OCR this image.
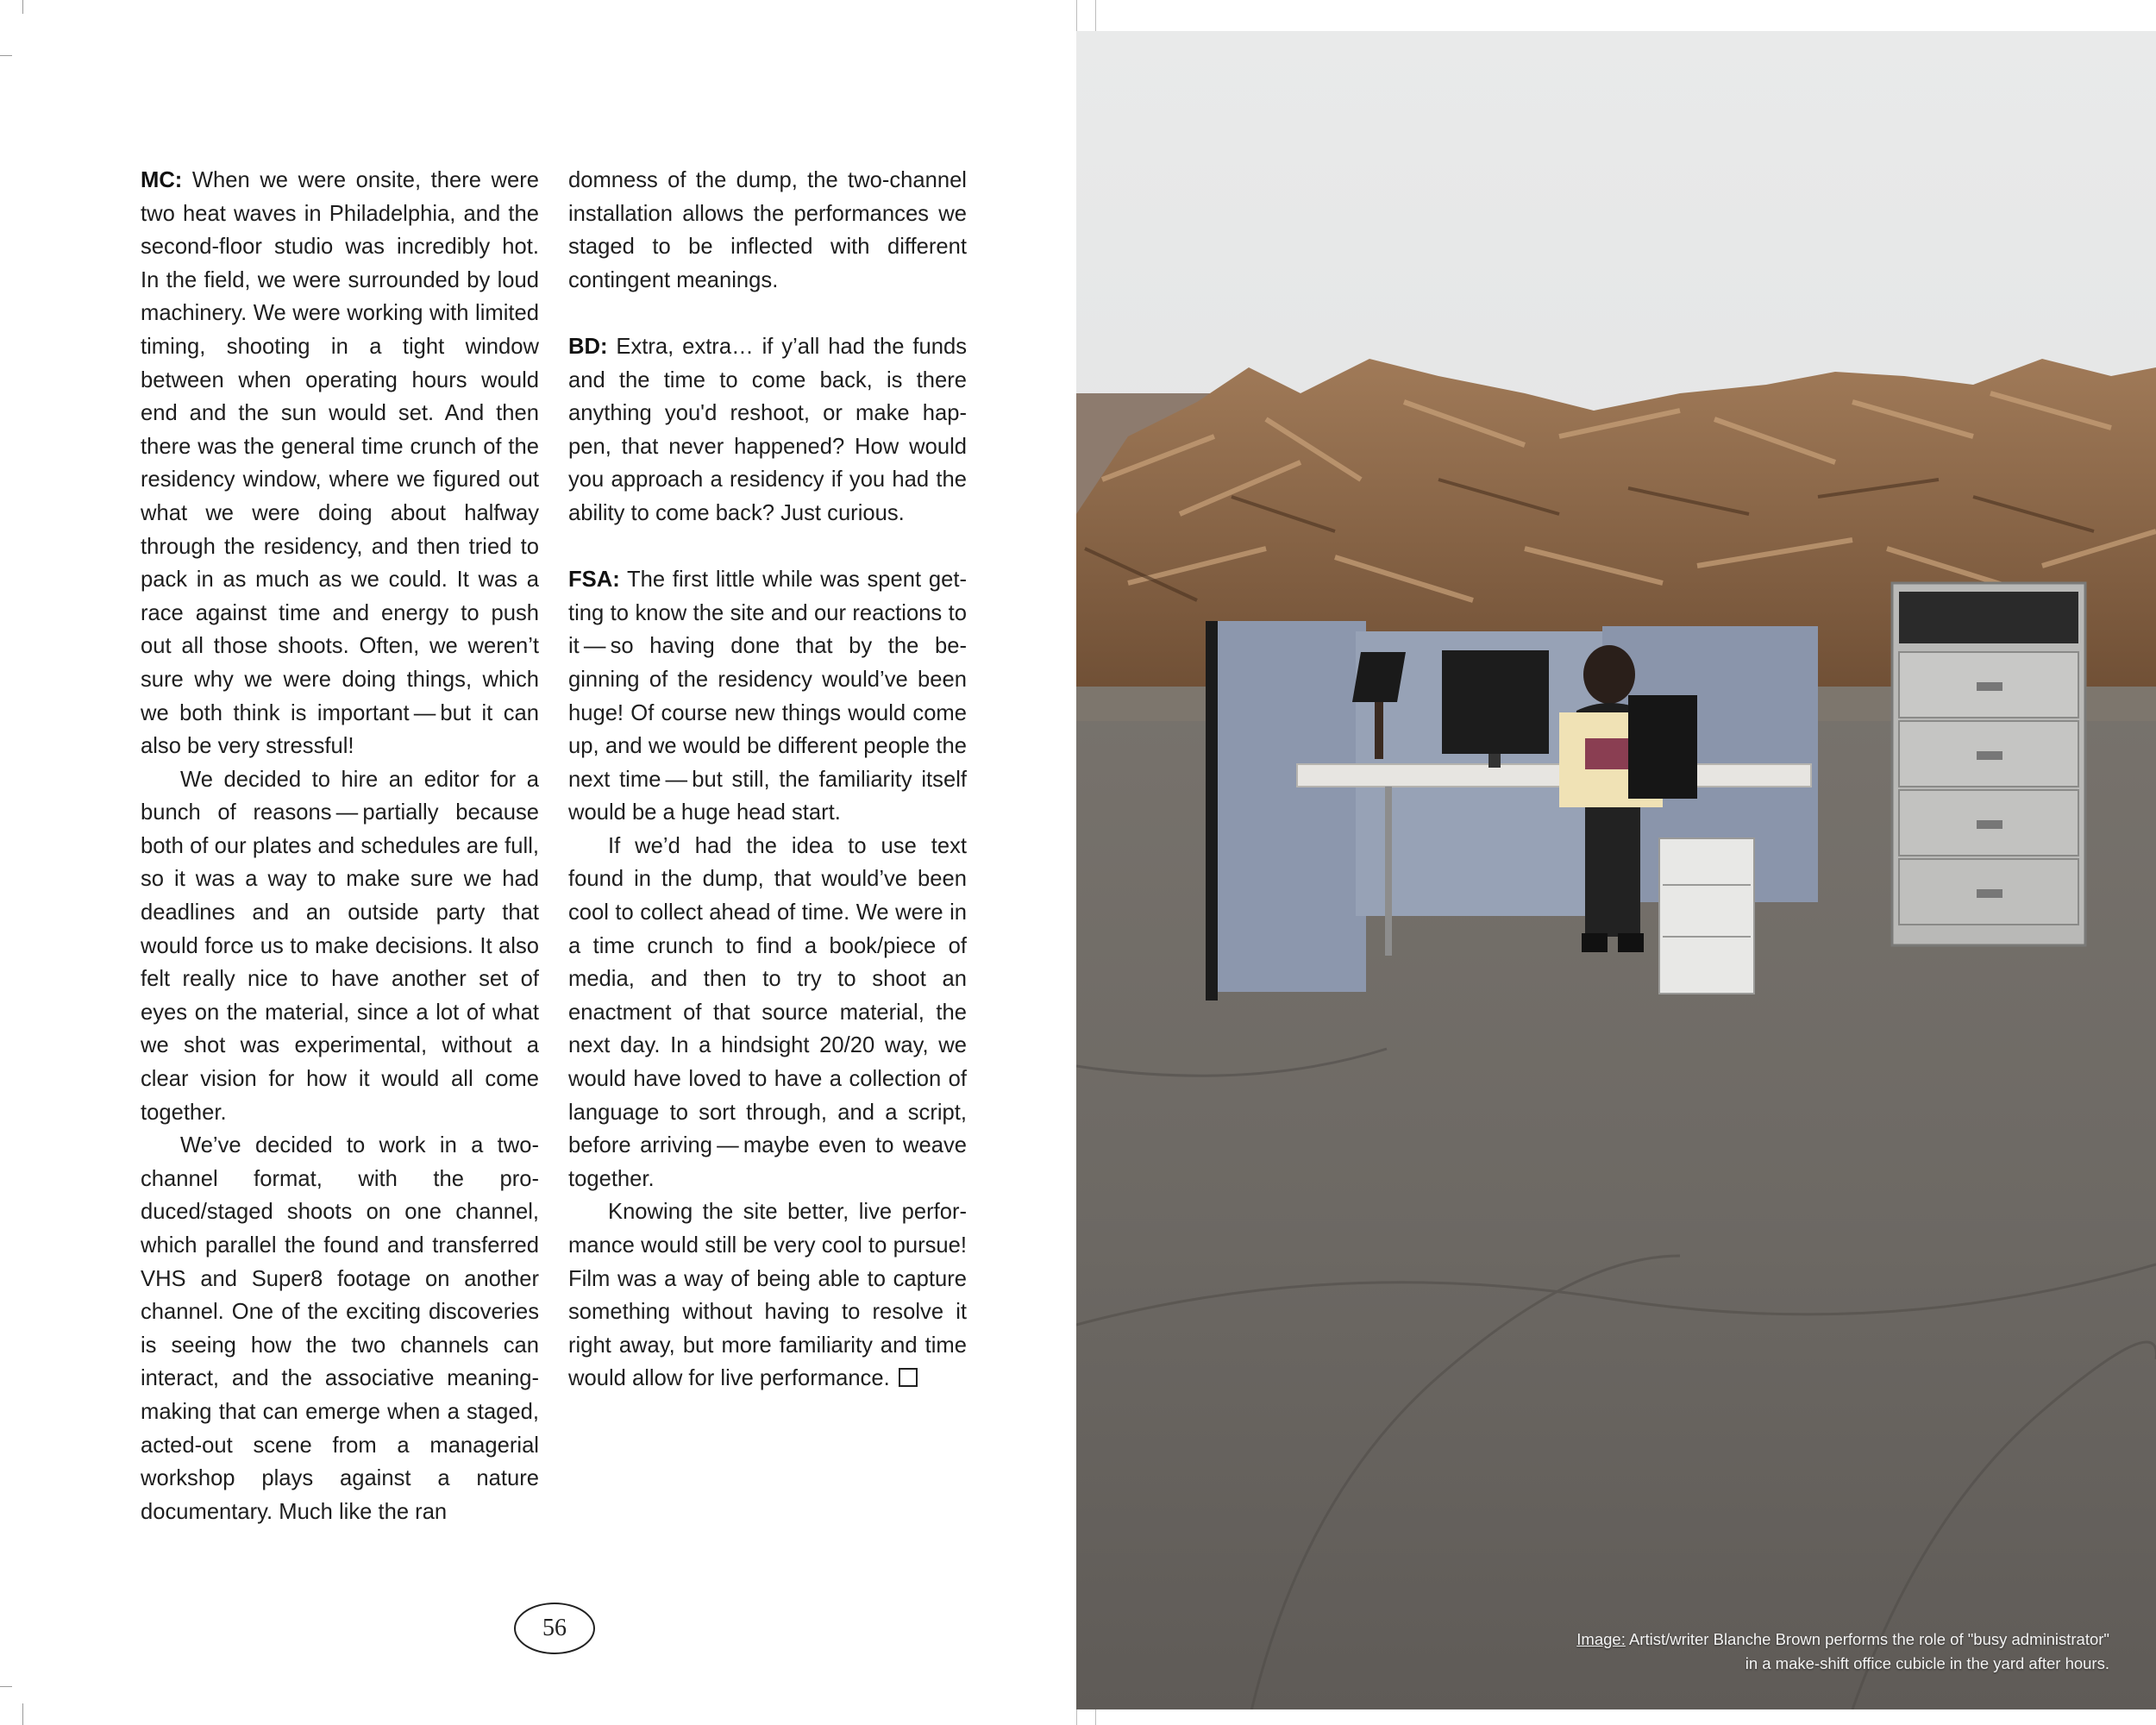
MC: When we were onsite, there were two heat waves in Philadelphia, and the second-floor studio was incredibly hot. In the field, we were surrounded by loud machinery. We were working with limited timing, shooting in a tight window between when operating hours would end and the sun would set. And then there was the general time crunch of the residency window, where we figured out what we were doing about halfway through the residency, and then tried to pack in as much as we could. It was a race against time and energy to push out all those shoots. Often, we weren’t sure why we were doing things, which we both think is important — but it can also be very stressful!

We decided to hire an editor for a bunch of reasons — partially because both of our plates and schedules are full, so it was a way to make sure we had deadlines and an outside party that would force us to make decisions. It also felt really nice to have another set of eyes on the material, since a lot of what we shot was experimental, without a clear vision for how it would all come together.

We’ve decided to work in a two-channel format, with the produced/staged shoots on one channel, which parallel the found and transferred VHS and Super8 footage on another channel. One of the exciting discoveries is seeing how the two channels can interact, and the associative meaning-making that can emerge when a staged, acted-out scene from a managerial workshop plays against a nature documentary. Much like the ran

domness of the dump, the two-channel installation allows the performances we staged to be inflected with different contingent meanings.

BD: Extra, extra… if y’all had the funds and the time to come back, is there anything you'd reshoot, or make happen, that never happened? How would you approach a residency if you had the ability to come back? Just curious.

FSA: The first little while was spent getting to know the site and our reactions to it — so having done that by the beginning of the residency would’ve been huge! Of course new things would come up, and we would be different people the next time — but still, the familiarity itself would be a huge head start.

If we’d had the idea to use text found in the dump, that would’ve been cool to collect ahead of time. We were in a time crunch to find a book/piece of media, and then to try to shoot an enactment of that source material, the next day. In a hindsight 20/20 way, we would have loved to have a collection of language to sort through, and a script, before arriving — maybe even to weave together.

Knowing the site better, live performance would still be very cool to pursue! Film was a way of being able to capture something without having to resolve it right away, but more familiarity and time would allow for live performance.

56	Image: Artist/writer Blanche Brown performs the role of "busy administrator"
in a make-shift office cubicle in the yard after hours.
